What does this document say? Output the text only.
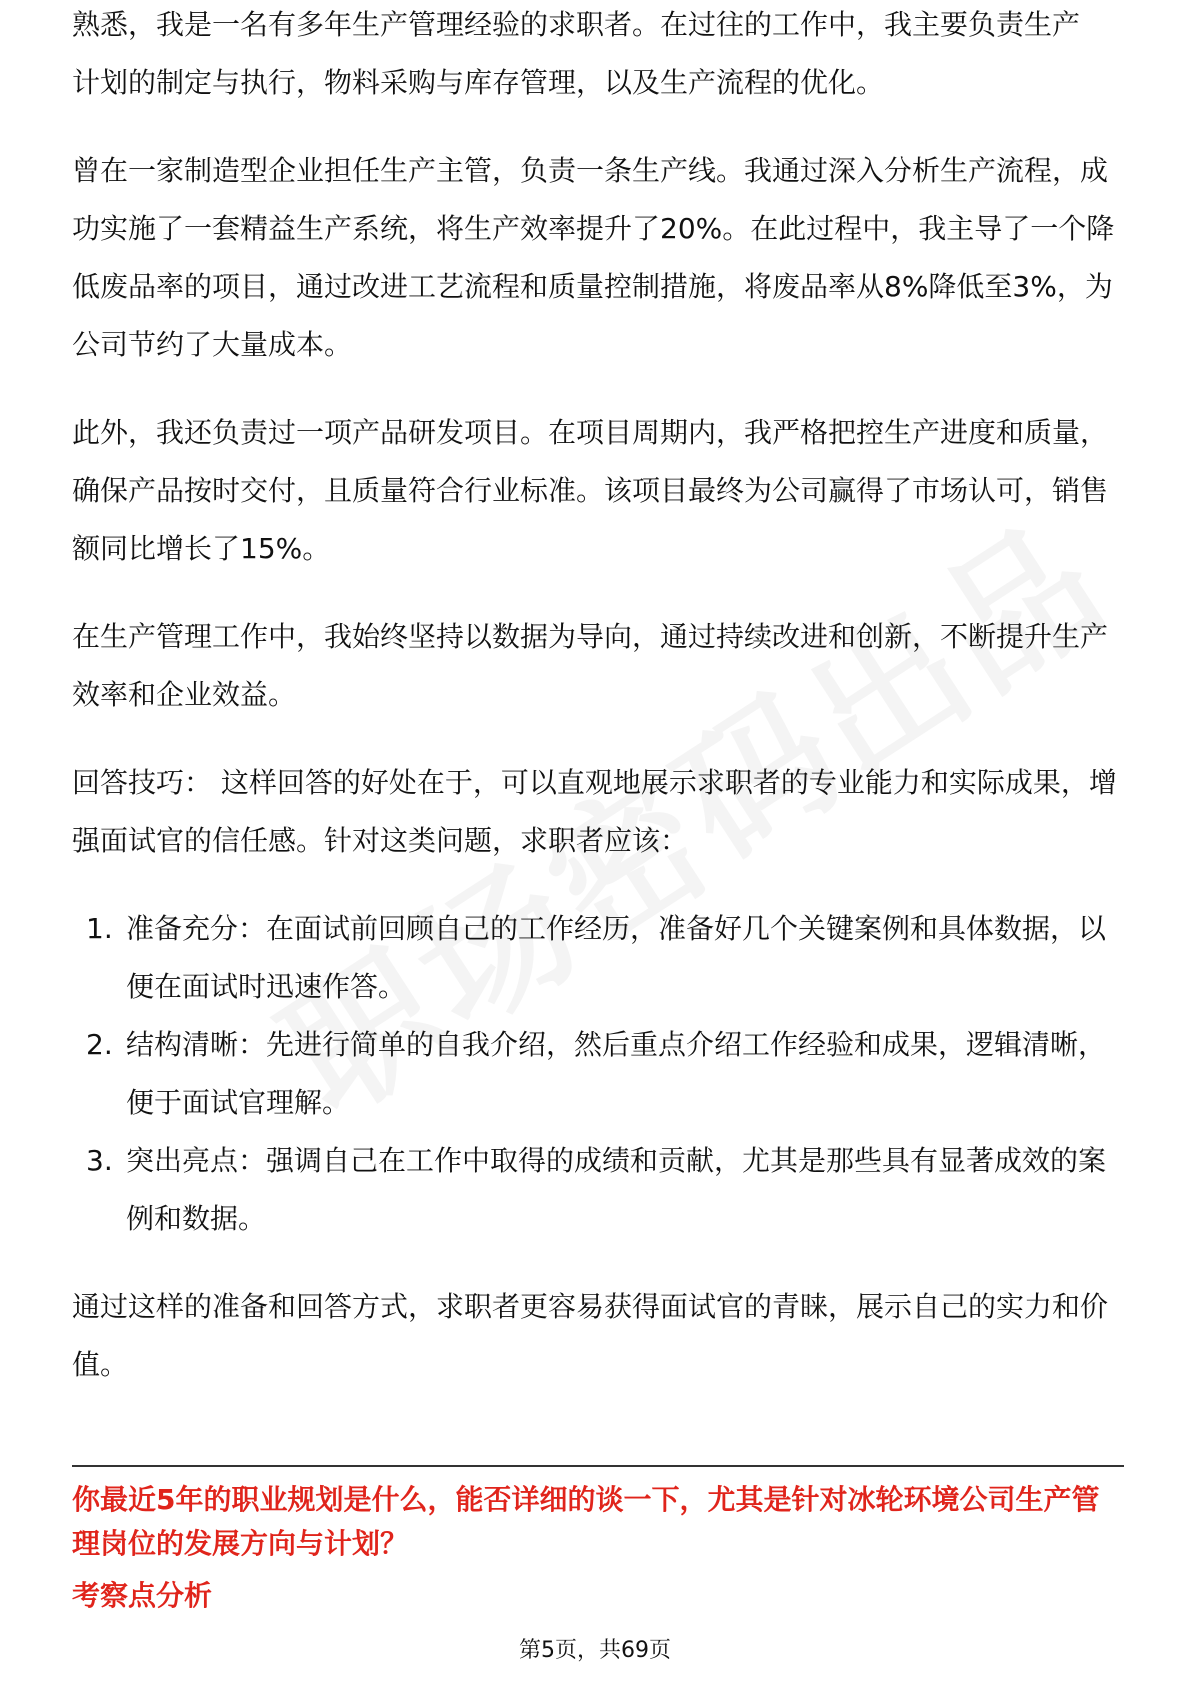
熟悉，我是一名有多年生产管理经验的求职者。在过往的工作中，我主要负责生产

计划的制定与执行，物料采购与库存管理，以及生产流程的优化。

曾在一家制造型企业担任生产主管，负责一条生产线。我通过深入分析生产流程，成功实施了一套精益生产系统，将生产效率提升了20%。在此过程中，我主导了一个降低废品率的项目，通过改进工艺流程和质量控制措施，将废品率从8%降低至3%，为公司节约了大量成本。

此外，我还负责过一项产品研发项目。在项目周期内，我严格把控生产进度和质量，确保产品按时交付，且质量符合行业标准。该项目最终为公司赢得了市场认可，销售额同比增长了15%。

在生产管理工作中，我始终坚持以数据为导向，通过持续改进和创新，不断提升生产效率和企业效益。

回答技巧： 这样回答的好处在于，可以直观地展示求职者的专业能力和实际成果，增强面试官的信任感。针对这类问题，求职者应该：

1. 准备充分：在面试前回顾自己的工作经历，准备好几个关键案例和具体数据，以便在面试时迅速作答。
2. 结构清晰：先进行简单的自我介绍，然后重点介绍工作经验和成果，逻辑清晰，便于面试官理解。
3. 突出亮点：强调自己在工作中取得的成绩和贡献，尤其是那些具有显著成效的案例和数据。

通过这样的准备和回答方式，求职者更容易获得面试官的青睐，展示自己的实力和价值。

你最近5年的职业规划是什么，能否详细的谈一下，尤其是针对冰轮环境公司生产管理岗位的发展方向与计划？
考察点分析
第5页，共69页
